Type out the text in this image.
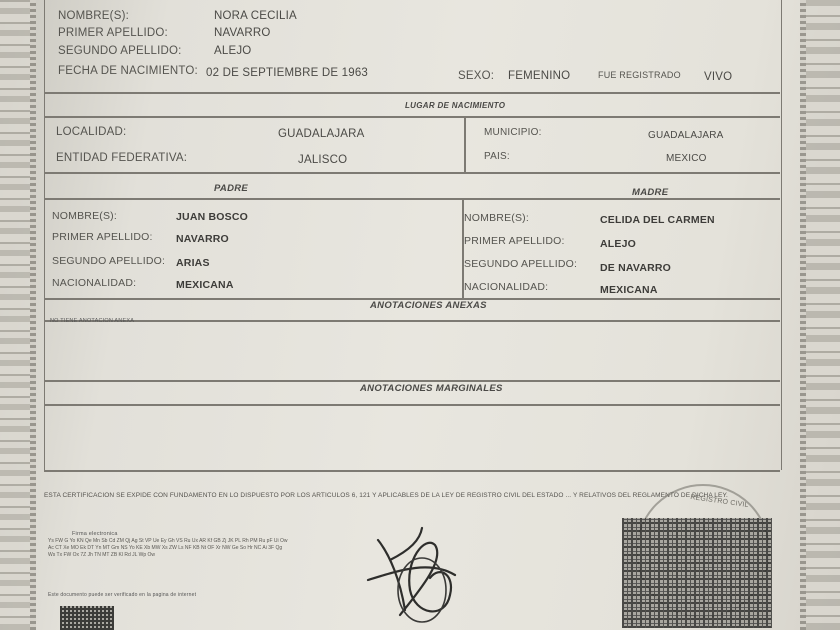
NOMBRE(S):	NORA CECILIA
PRIMER APELLIDO:	NAVARRO
SEGUNDO APELLIDO:	ALEJO
FECHA DE NACIMIENTO: 02 DE SEPTIEMBRE DE 1963	SEXO: FEMENINO	FUE REGISTRADO VIVO
LUGAR DE NACIMIENTO
LOCALIDAD:	GUADALAJARA
ENTIDAD FEDERATIVA:	JALISCO
MUNICIPIO:	GUADALAJARA
PAIS:	MEXICO
PADRE
NOMBRE(S):	JUAN BOSCO
PRIMER APELLIDO: NAVARRO
SEGUNDO APELLIDO: ARIAS
NACIONALIDAD:	MEXICANA
MADRE
NOMBRE(S):	CELIDA DEL CARMEN
PRIMER APELLIDO:	ALEJO
SEGUNDO APELLIDO: DE NAVARRO
NACIONALIDAD:	MEXICANA
ANOTACIONES ANEXAS
NO TIENE ANOTACION ANEXA
ANOTACIONES MARGINALES
ESTA CERTIFICACION SE EXPIDE CON FUNDAMENTO EN LO DISPUESTO POR LOS ARTICULOS 6, 121 Y APLICABLES DE LA LEY DE REGISTRO CIVIL DEL ESTADO ... Y RELATIVOS DEL REGLAMENTO DE DICHA LEY.
Firma electronica
Ys FW G Yo KN Qe Mn Sb Cd ZM Qj Ag St VP Ue Ey Gh VS Ru Ux AR Kf GB Zj JK PL Rh PM Ru pF Ui Ow Ac CT Xe MO Ek DT Yn MT Gm NS Yo KE Xb MW Xs ZW Ls NF KB Nt OF Xr NW Ge So Hr NC Ai 3F Qg Ws Tx FW Ox 7Z Jh TN MT ZB Kl Rd JL Wp Ow
Este documento puede ser verificado en la pagina de internet
REGISTRO CIVIL
